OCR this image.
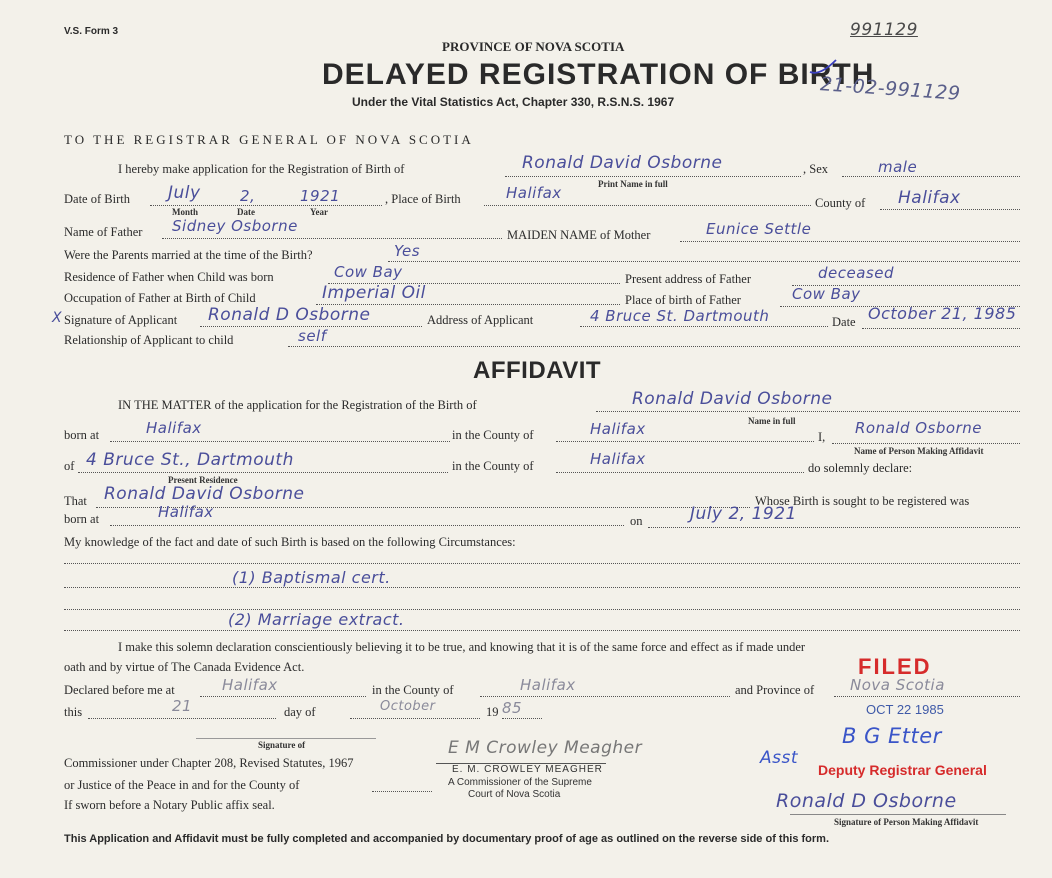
V.S. Form 3
PROVINCE OF NOVA SCOTIA
DELAYED REGISTRATION OF BIRTH
Under the Vital Statistics Act, Chapter 330, R.S.N.S. 1967
991129
21-02-991129
TO THE REGISTRAR GENERAL OF NOVA SCOTIA
I hereby make application for the Registration of Birth of	Ronald David Osborne
Print Name in full
, Sex	male
Date of Birth July	2,	1921
Month	Date	Year
, Place of Birth	Halifax
County of Halifax
Name of Father Sidney Osborne	MAIDEN NAME of Mother	Eunice Settle
Were the Parents married at the time of the Birth?	Yes
Residence of Father when Child was born	Cow Bay	Present address of Father	deceased
Occupation of Father at Birth of Child	Imperial Oil	Place of birth of Father	Cow Bay
X Signature of Applicant Ronald D Osborne	Address of Applicant	4 Bruce St. Dartmouth	Date October 21, 1985
Relationship of Applicant to child	self
AFFIDAVIT
IN THE MATTER of the application for the Registration of the Birth of	Ronald David Osborne
Name in full
born at	Halifax	in the County of	Halifax	I, Ronald Osborne
Name of Person Making Affidavit
of 4 Bruce St., Dartmouth
Present Residence
in the County of	Halifax	do solemnly declare:
That Ronald David Osborne	Whose Birth is sought to be registered was
born at	Halifax	on	July 2, 1921
My knowledge of the fact and date of such Birth is based on the following Circumstances:
(1) Baptismal cert.
(2) Marriage extract.
I make this solemn declaration conscientiously believing it to be true, and knowing that it is of the same force and effect as if made under
oath and by virtue of The Canada Evidence Act.
Declared before me at	Halifax	in the County of	Halifax	and Province of Nova Scotia
this	21	day of	October	19 85
Signature of	E M Crowley Meagher
Commissioner under Chapter 208, Revised Statutes, 1967
or Justice of the Peace in and for the County of
If sworn before a Notary Public affix seal.
E. M. CROWLEY MEAGHER
A Commissioner of the Supreme
Court of Nova Scotia
FILED
OCT 22 1985
B G Etter
Asst
Deputy Registrar General
Ronald D Osborne
Signature of Person Making Affidavit
This Application and Affidavit must be fully completed and accompanied by documentary proof of age as outlined on the reverse side of this form.
